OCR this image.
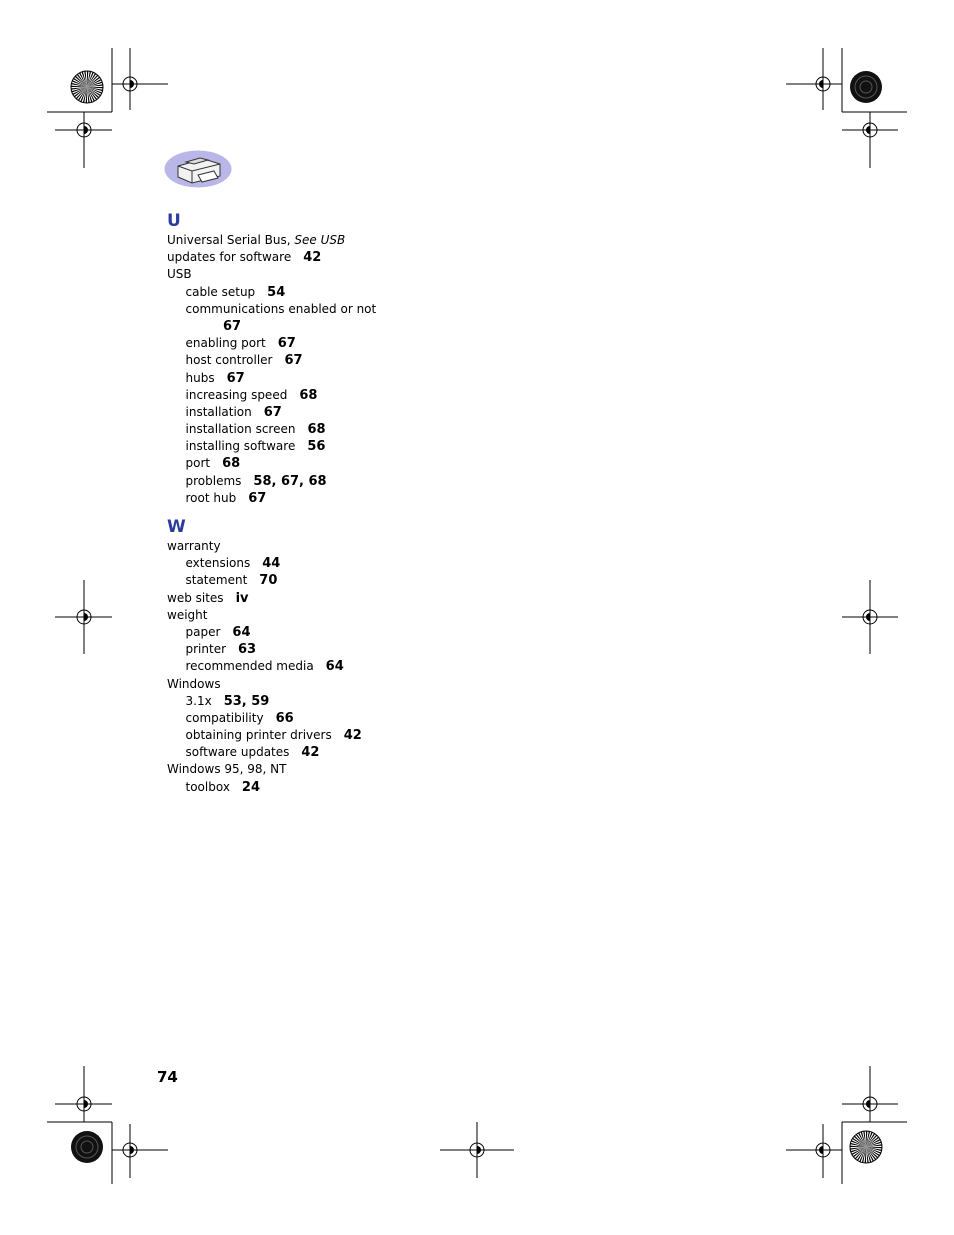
U
Universal Serial Bus, See USB
updates for software 42
USB
cable setup 54
communications enabled or not
67
enabling port 67
host controller 67
hubs 67
increasing speed 68
installation 67
installation screen 68
installing software 56
port 68
problems 58, 67, 68
root hub 67
W
warranty
extensions 44
statement 70
web sites iv
weight
paper 64
printer 63
recommended media 64
Windows
3.1x 53, 59
compatibility 66
obtaining printer drivers 42
software updates 42
Windows 95, 98, NT
toolbox 24
74
